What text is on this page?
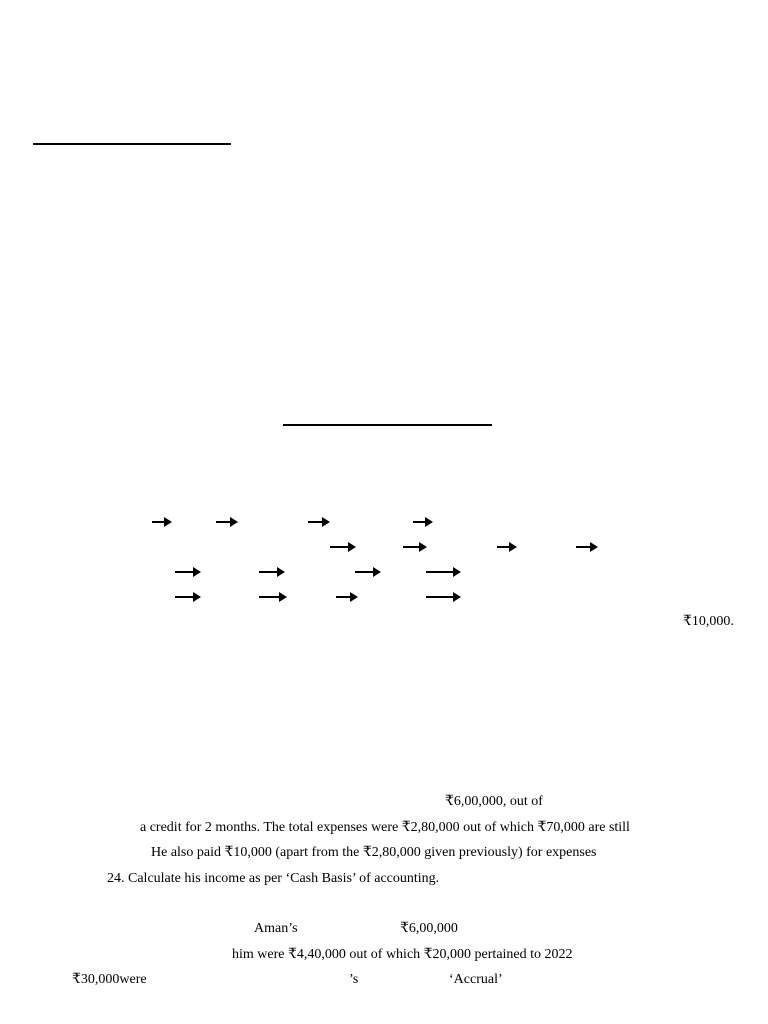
₹10,000.
₹6,00,000, out of
a credit for 2 months. The total expenses were ₹2,80,000 out of which ₹70,000 are still
He also paid ₹10,000 (apart from the ₹2,80,000 given previously) for expenses
24. Calculate his income as per ‘Cash Basis’ of accounting.
Aman’s	₹6,00,000
him were ₹4,40,000 out of which ₹20,000 pertained to 2022
₹30,000were	’s	‘Accrual’
